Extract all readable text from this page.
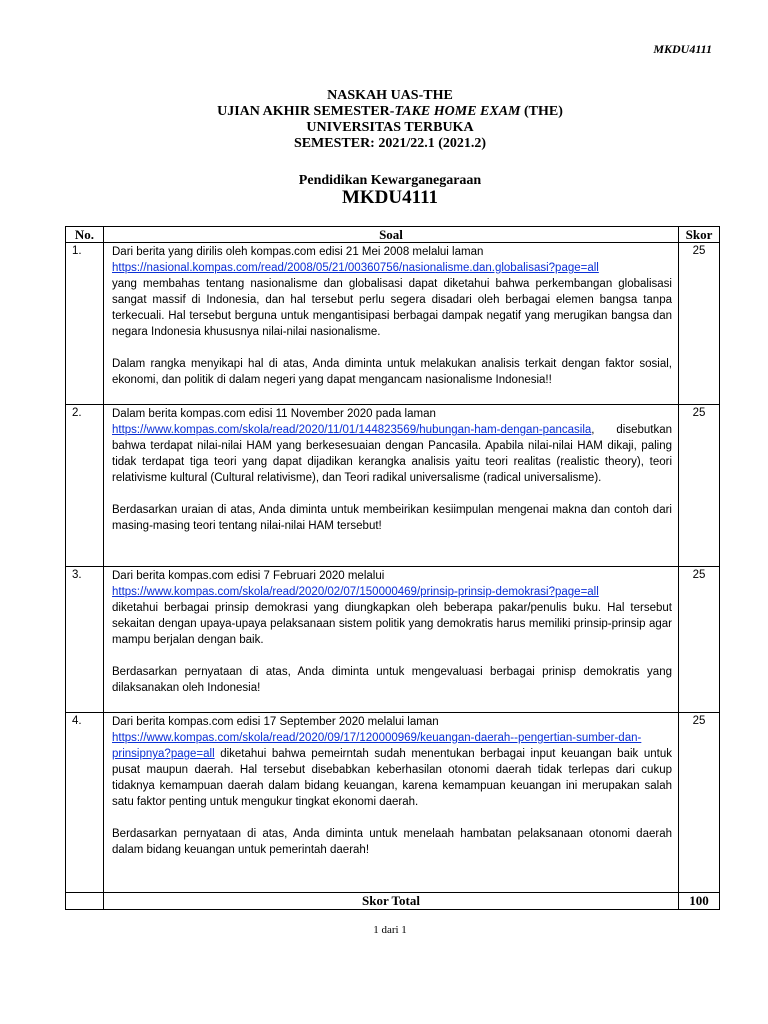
MKDU4111
NASKAH UAS-THE
UJIAN AKHIR SEMESTER-TAKE HOME EXAM (THE)
UNIVERSITAS TERBUKA
SEMESTER: 2021/22.1 (2021.2)
Pendidikan Kewarganegaraan
MKDU4111
No.	Soal	Skor
1.	Dari berita yang dirilis oleh kompas.com edisi 21 Mei 2008 melalui laman
https://nasional.kompas.com/read/2008/05/21/00360756/nasionalisme.dan.globalisasi?page=all
yang membahas tentang nasionalisme dan globalisasi dapat diketahui bahwa perkembangan globalisasi sangat massif di Indonesia, dan hal tersebut perlu segera disadari oleh berbagai elemen bangsa tanpa terkecuali. Hal tersebut berguna untuk mengantisipasi berbagai dampak negatif yang merugikan bangsa dan negara Indonesia khususnya nilai-nilai nasionalisme.

Dalam rangka menyikapi hal di atas, Anda diminta untuk melakukan analisis terkait dengan faktor sosial, ekonomi, dan politik di dalam negeri yang dapat mengancam nasionalisme Indonesia!!	25
2.	Dalam berita kompas.com edisi 11 November 2020 pada laman
https://www.kompas.com/skola/read/2020/11/01/144823569/hubungan-ham-dengan-pancasila, disebutkan bahwa terdapat nilai-nilai HAM yang berkesesuaian dengan Pancasila. Apabila nilai-nilai HAM dikaji, paling tidak terdapat tiga teori yang dapat dijadikan kerangka analisis yaitu teori realitas (realistic theory), teori relativisme kultural (Cultural relativisme), dan Teori radikal universalisme (radical universalisme).

Berdasarkan uraian di atas, Anda diminta untuk membeirikan kesiimpulan mengenai makna dan contoh dari masing-masing teori tentang nilai-nilai HAM tersebut!	25
3.	Dari berita kompas.com edisi 7 Februari 2020 melalui
https://www.kompas.com/skola/read/2020/02/07/150000469/prinsip-prinsip-demokrasi?page=all
diketahui berbagai prinsip demokrasi yang diungkapkan oleh beberapa pakar/penulis buku. Hal tersebut sekaitan dengan upaya-upaya pelaksanaan sistem politik yang demokratis harus memiliki prinsip-prinsip agar mampu berjalan dengan baik.

Berdasarkan pernyataan di atas, Anda diminta untuk mengevaluasi berbagai prinisp demokratis yang dilaksanakan oleh Indonesia!	25
4.	Dari berita kompas.com edisi 17 September 2020 melalui laman
https://www.kompas.com/skola/read/2020/09/17/120000969/keuangan-daerah--pengertian-sumber-dan-prinsipnya?page=all diketahui bahwa pemeirntah sudah menentukan berbagai input keuangan baik untuk pusat maupun daerah. Hal tersebut disebabkan keberhasilan otonomi daerah tidak terlepas dari cukup tidaknya kemampuan daerah dalam bidang keuangan, karena kemampuan keuangan ini merupakan salah satu faktor penting untuk mengukur tingkat ekonomi daerah.

Berdasarkan pernyataan di atas, Anda diminta untuk menelaah hambatan pelaksanaan otonomi daerah dalam bidang keuangan untuk pemerintah daerah!	25
	Skor Total	100
1 dari 1
